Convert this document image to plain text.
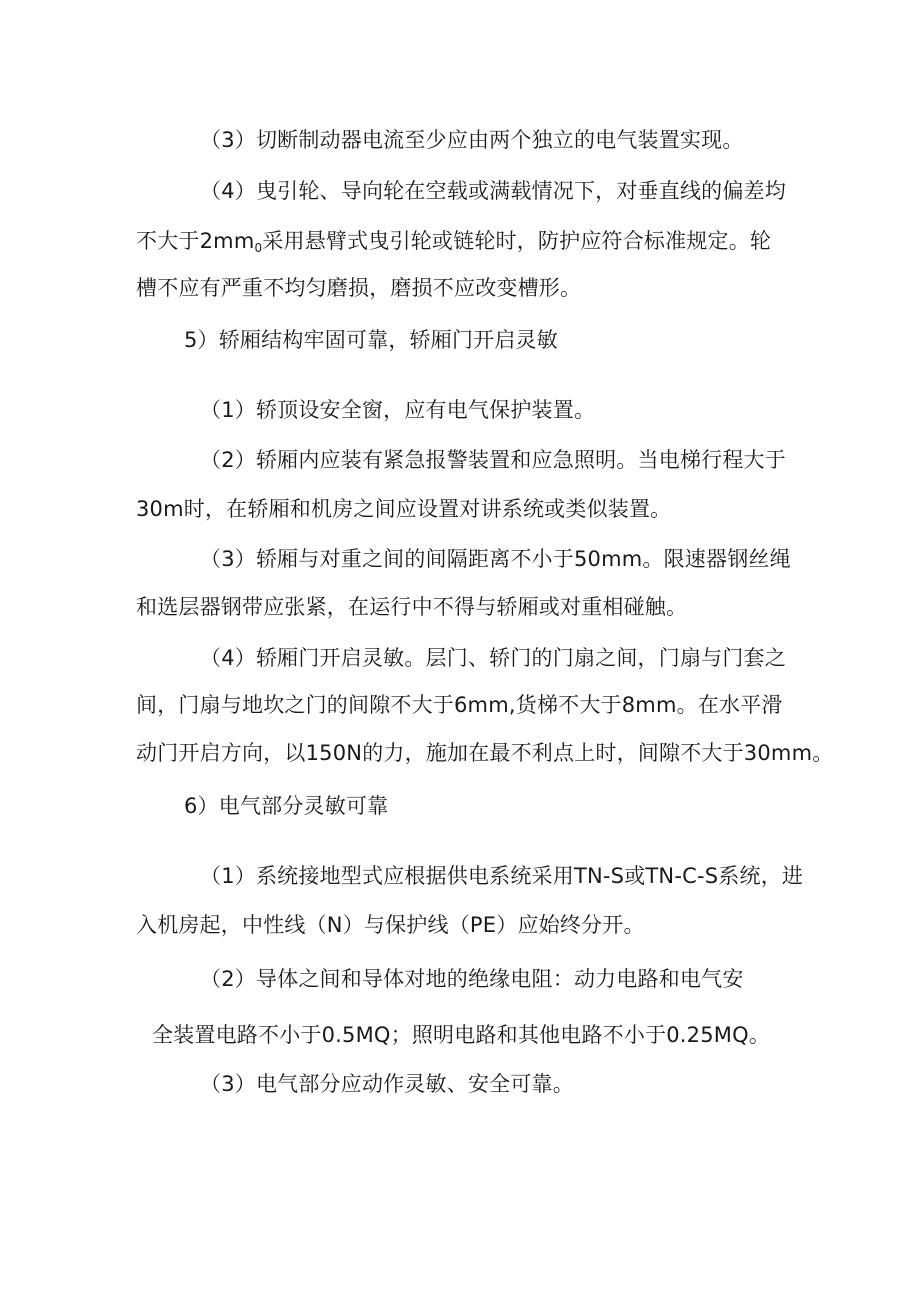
（3）切断制动器电流至少应由两个独立的电气装置实现。
（4）曳引轮、导向轮在空载或满载情况下，对垂直线的偏差均
不大于$2mm_0$采用悬臂式曳引轮或链轮时，防护应符合标准规定。轮
槽不应有严重不均匀磨损，磨损不应改变槽形。
5）轿厢结构牢固可靠，轿厢门开启灵敏
（1）轿顶设安全窗，应有电气保护装置。
（2）轿厢内应装有紧急报警装置和应急照明。当电梯行程大于
30m时，在轿厢和机房之间应设置对讲系统或类似装置。
（3）轿厢与对重之间的间隔距离不小于50mm。限速器钢丝绳
和选层器钢带应张紧，在运行中不得与轿厢或对重相碰触。
（4）轿厢门开启灵敏。层门、轿门的门扇之间，门扇与门套之
间，门扇与地坎之门的间隙不大于6mm,货梯不大于8mm。在水平滑
动门开启方向，以150N的力，施加在最不利点上时，间隙不大于30mm。
6）电气部分灵敏可靠
（1）系统接地型式应根据供电系统采用TN-S或TN-C-S系统，进
入机房起，中性线（N）与保护线（PE）应始终分开。
（2）导体之间和导体对地的绝缘电阻：动力电路和电气安
全装置电路不小于0.5MQ；照明电路和其他电路不小于0.25MQ。
（3）电气部分应动作灵敏、安全可靠。
